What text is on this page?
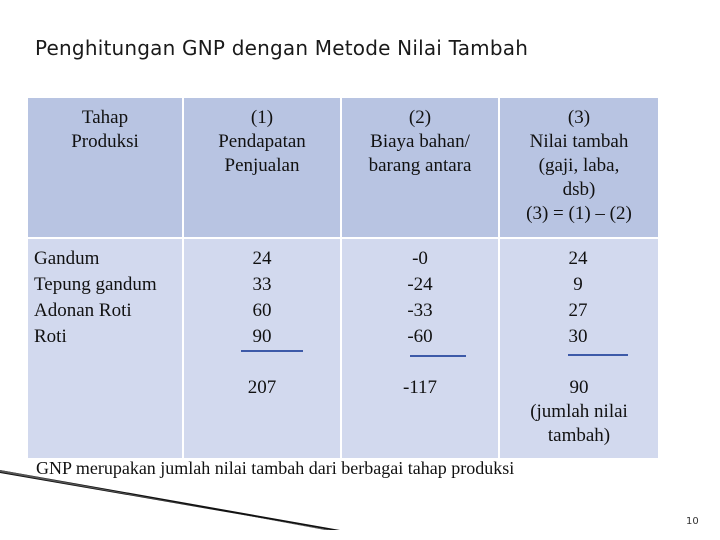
Penghitungan GNP dengan Metode Nilai Tambah
Tahap
Produksi
(1)
Pendapatan
Penjualan
(2)
Biaya bahan/
barang antara
(3)
Nilai tambah
(gaji, laba,
dsb)
(3) = (1) – (2)
Gandum
Tepung gandum
Adonan Roti
Roti
24
33
60
90
-0
-24
-33
-60
24
9
27
30
207	-117	90
(jumlah nilai
tambah)
GNP merupakan jumlah nilai tambah dari berbagai tahap produksi
10
